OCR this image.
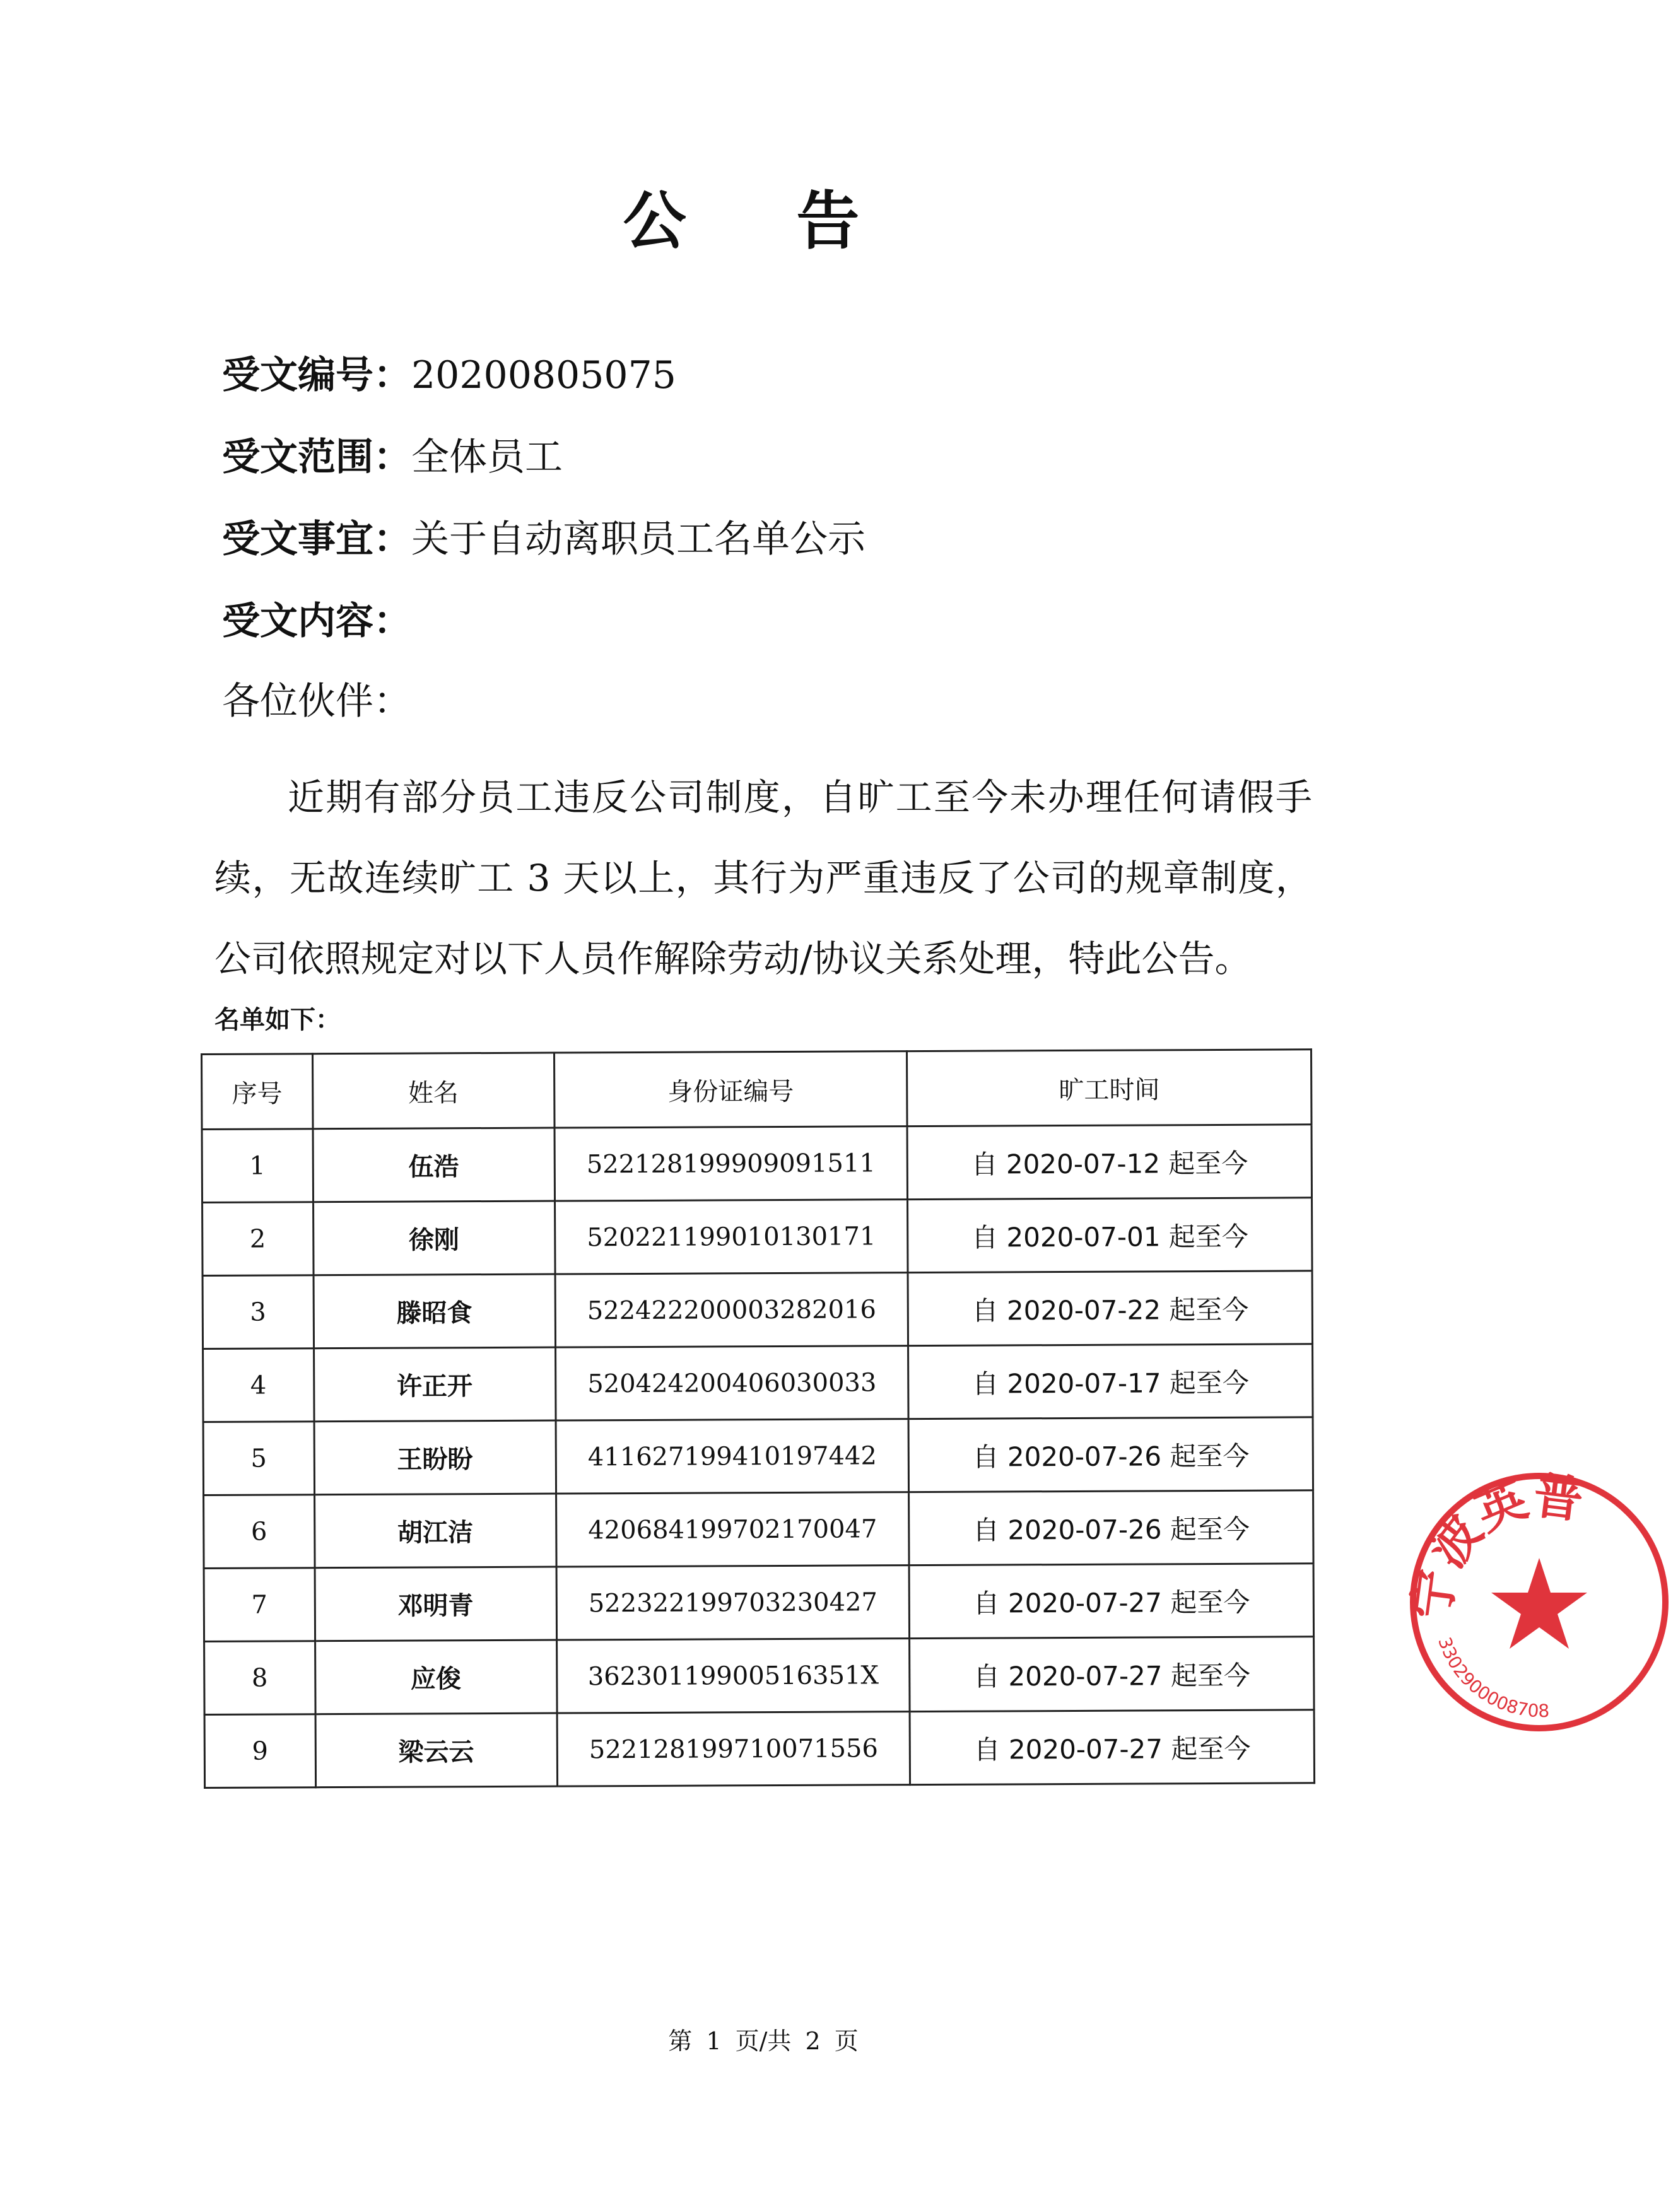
公 告
受文编号：20200805075
受文范围：全体员工
受文事宜：关于自动离职员工名单公示
受文内容：
各位伙伴：
近期有部分员工违反公司制度，自旷工至今未办理任何请假手续，无故连续旷工 3 天以上，其行为严重违反了公司的规章制度，公司依照规定对以下人员作解除劳动/协议关系处理，特此公告。
名单如下：
序号	姓名	身份证编号	旷工时间
1	伍浩	522128199909091511	自 2020-07-12 起至今
2	徐刚	520221199010130171	自 2020-07-01 起至今
3	滕昭食	522422200003282016	自 2020-07-22 起至今
4	许正开	520424200406030033	自 2020-07-17 起至今
5	王盼盼	411627199410197442	自 2020-07-26 起至今
6	胡江洁	420684199702170047	自 2020-07-26 起至今
7	邓明青	522322199703230427	自 2020-07-27 起至今
8	应俊	36230119900516351X	自 2020-07-27 起至今
9	梁云云	522128199710071556	自 2020-07-27 起至今
宁波英普
3302900008708
第 1 页/共 2 页
